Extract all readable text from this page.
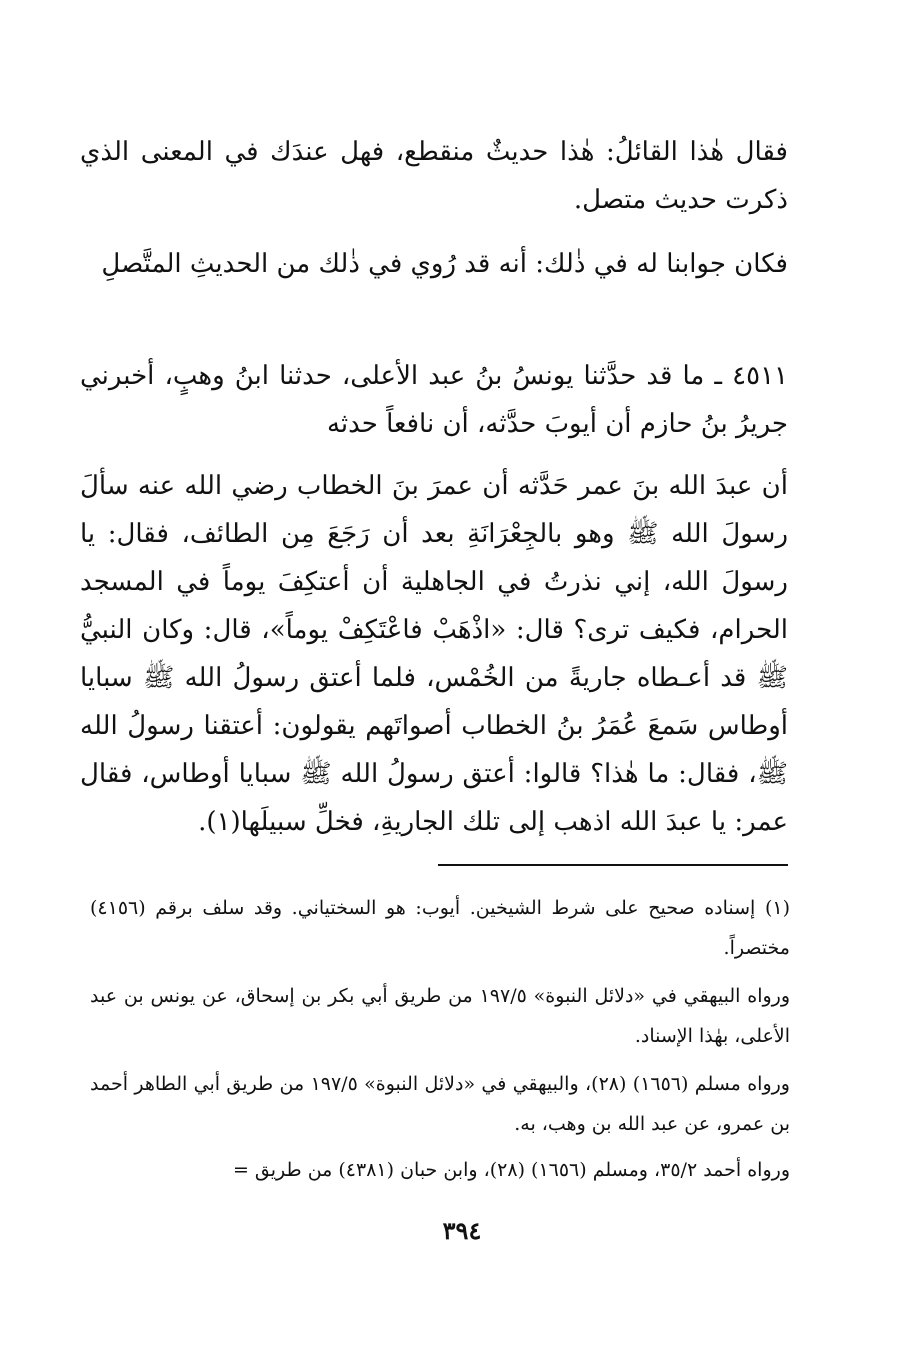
فقال هٰذا القائلُ: هٰذا حديثٌ منقطع، فهل عندَك في المعنى الذي ذكرت حديث متصل.

فكان جوابنا له في ذٰلك: أنه قد رُوي في ذٰلك من الحديثِ المتَّصلِ

٤٥١١ ـ ما قد حدَّثنا يونسُ بنُ عبد الأعلى، حدثنا ابنُ وهبٍ، أخبرني جريرُ بنُ حازم أن أيوبَ حدَّثه، أن نافعاً حدثه

أن عبدَ الله بنَ عمر حَدَّثه أن عمرَ بنَ الخطاب رضي الله عنه سألَ رسولَ الله ﷺ وهو بالجِعْرَانَةِ بعد أن رَجَعَ مِن الطائف، فقال: يا رسولَ الله، إني نذرتُ في الجاهلية أن أعتكِفَ يوماً في المسجد الحرام، فكيف ترى؟ قال: «اذْهَبْ فاعْتَكِفْ يوماً»، قال: وكان النبيُّ ﷺ قد أعـطاه جاريةً من الخُمْس، فلما أعتق رسولُ الله ﷺ سبايا أوطاس سَمعَ عُمَرُ بنُ الخطاب أصواتَهم يقولون: أعتقنا رسولُ الله ﷺ، فقال: ما هٰذا؟ قالوا: أعتق رسولُ الله ﷺ سبايا أوطاس، فقال عمر: يا عبدَ الله اذهب إلى تلك الجاريةِ، فخلِّ سبيلَها(١).

(١) إسناده صحيح على شرط الشيخين. أيوب: هو السختياني. وقد سلف برقم (٤١٥٦) مختصراً.

ورواه البيهقي في «دلائل النبوة» ١٩٧/٥ من طريق أبي بكر بن إسحاق، عن يونس بن عبد الأعلى، بهٰذا الإسناد.

ورواه مسلم (١٦٥٦) (٢٨)، والبيهقي في «دلائل النبوة» ١٩٧/٥ من طريق أبي الطاهر أحمد بن عمرو، عن عبد الله بن وهب، به.

ورواه أحمد ٣٥/٢، ومسلم (١٦٥٦) (٢٨)، وابن حبان (٤٣٨١) من طريق =

٣٩٤
